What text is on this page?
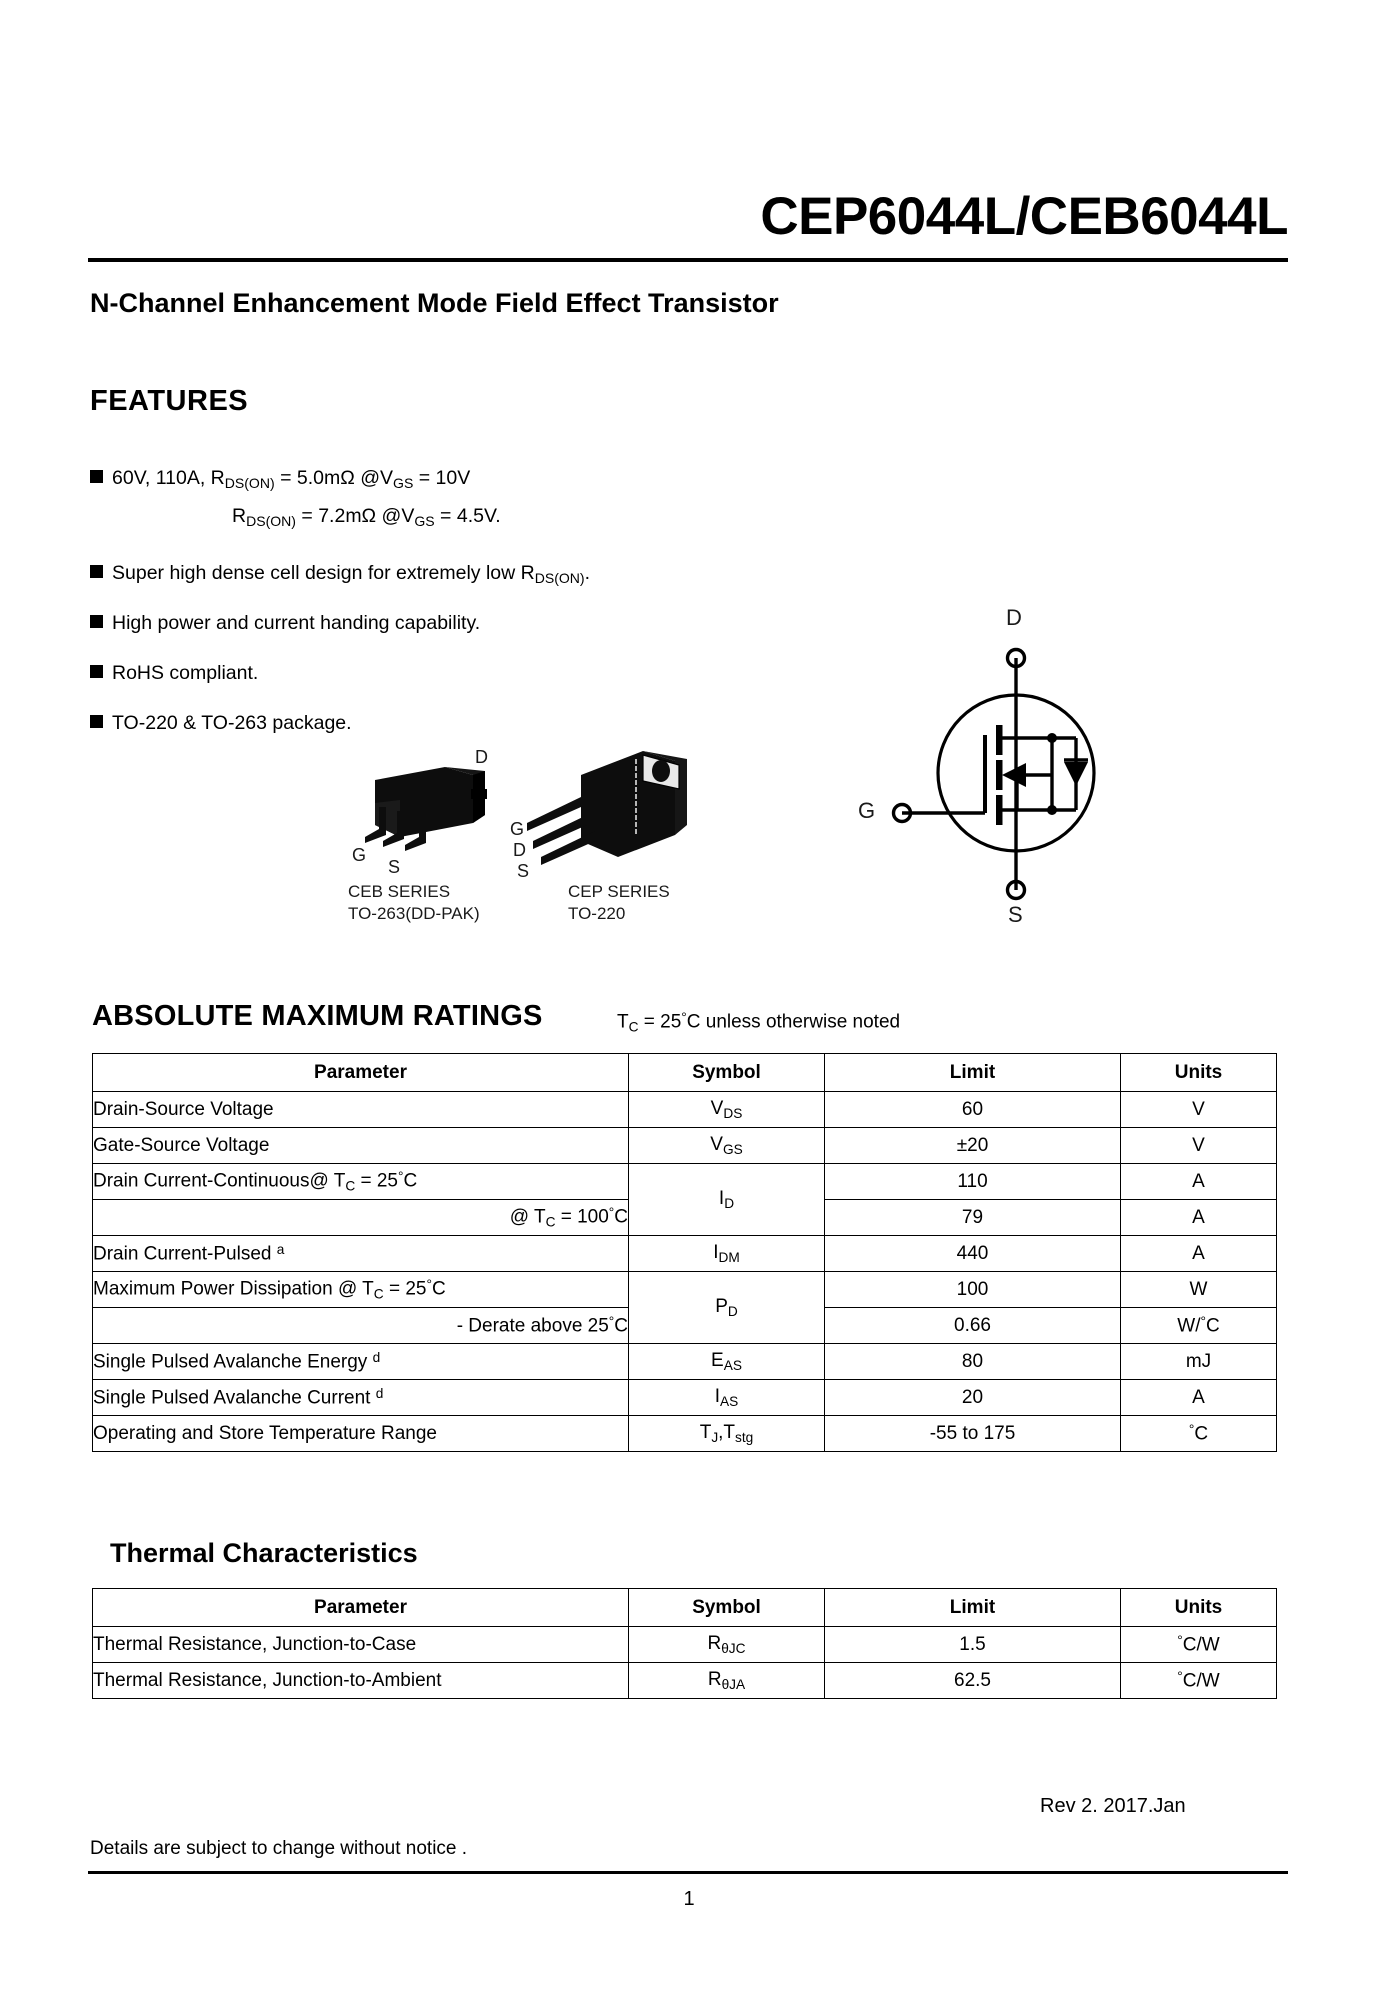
CEP6044L/CEB6044L
N-Channel Enhancement Mode Field Effect Transistor
FEATURES
60V, 110A, $R_{DS(ON)} = 5.0m\Omega$ $@V_{GS} = 10V$
$R_{DS(ON)} = 7.2m\Omega$ $@V_{GS} = 4.5V$.
Super high dense cell design for extremely low $R_{DS(ON)}$.
High power and current handing capability.
RoHS compliant.
TO-220 & TO-263 package.
D
G
S
CEB SERIES
TO-263(DD-PAK)
G
D
S
CEP SERIES
TO-220
D
G
S
ABSOLUTE MAXIMUM RATINGS	$T_C = 25^\circ C$ unless otherwise noted
Parameter	Symbol	Limit	Units
Drain-Source Voltage	$V_{DS}$	60	V
Gate-Source Voltage	$V_{GS}$	±20	V
Drain Current-Continuous@ $T_C = 25^\circ C$	$I_D$	110	A
@ $T_C = 100^\circ C$		79	A
Drain Current-Pulsed $^a$	$I_{DM}$	440	A
Maximum Power Dissipation @ $T_C = 25^\circ C$	$P_D$	100	W
- Derate above 25°C		0.66	W/°C
Single Pulsed Avalanche Energy $^d$	$E_{AS}$	80	mJ
Single Pulsed Avalanche Current $^d$	$I_{AS}$	20	A
Operating and Store Temperature Range	$T_J,T_{stg}$	-55 to 175	°C
Thermal Characteristics
Parameter	Symbol	Limit	Units
Thermal Resistance, Junction-to-Case	$R_{\theta JC}$	1.5	°C/W
Thermal Resistance, Junction-to-Ambient	$R_{\theta JA}$	62.5	°C/W
Rev 2. 2017.Jan
Details are subject to change without notice .
1
